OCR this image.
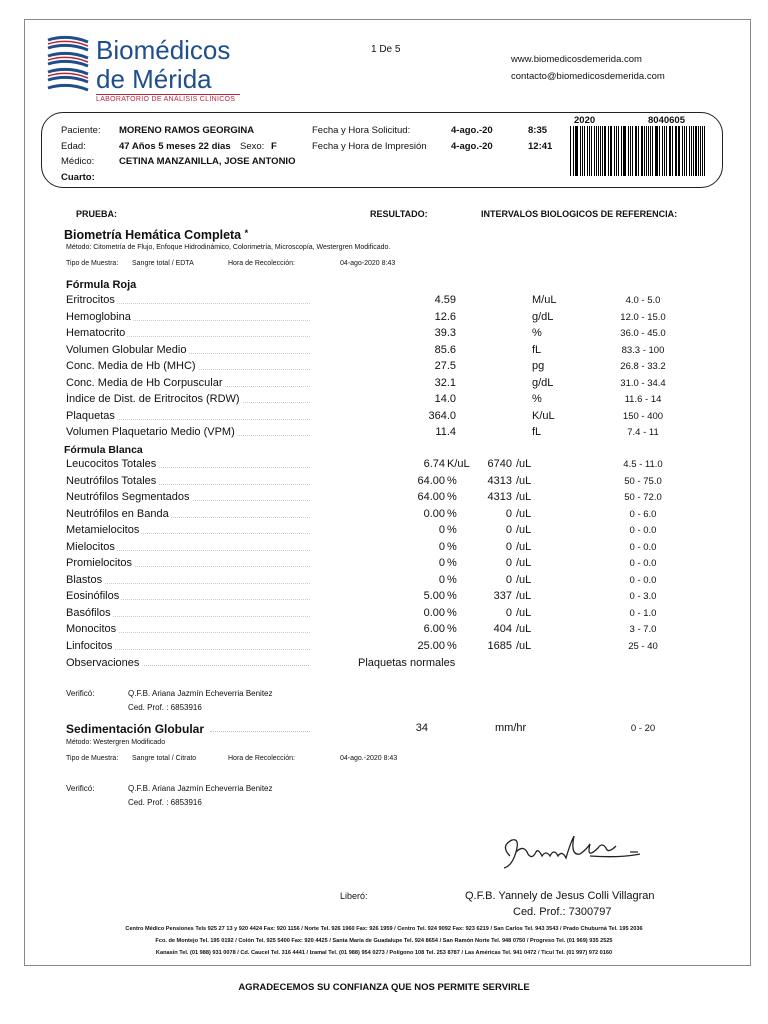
Biomédicos
de Mérida
LABORATORIO DE ANÁLISIS CLÍNICOS
1 De 5
www.biomedicosdemerida.com
contacto@biomedicosdemerida.com
Paciente: MORENO RAMOS GEORGINA
Edad:	47 Años 5 meses 22 dias Sexo: F
Médico:	CETINA MANZANILLA, JOSE ANTONIO
Cuarto:
Fecha y Hora Solicitud:	4-ago.-20	8:35
Fecha y Hora de Impresión	4-ago.-20	12:41
2020	8040605
PRUEBA:	RESULTADO:	INTERVALOS BIOLOGICOS DE REFERENCIA:
Biometría Hemática Completa *
Método: Citometría de Flujo, Enfoque Hidrodinámico, Colorimetría, Microscopía, Westergren Modificado.
Tipo de Muestra: Sangre total / EDTA	Hora de Recolección:	04-ago-2020 8:43
Fórmula Roja
Eritrocitos	4.59	M/uL	4.0 - 5.0
Hemoglobina	12.6	g/dL	12.0 - 15.0
Hematocrito	39.3	%	36.0 - 45.0
Volumen Globular Medio	85.6	fL	83.3 - 100
Conc. Media de Hb (MHC)	27.5	pg	26.8 - 33.2
Conc. Media de Hb Corpuscular	32.1	g/dL	31.0 - 34.4
Índice de Dist. de Eritrocitos (RDW)	14.0	%	11.6 - 14
Plaquetas	364.0	K/uL	150 - 400
Volumen Plaquetario Medio (VPM)	11.4	fL	7.4 - 11
Fórmula Blanca
Leucocitos Totales	6.74 K/uL	6740 /uL	4.5 - 11.0
Neutrófilos Totales	64.00 %	4313 /uL	50 - 75.0
Neutrófilos Segmentados	64.00 %	4313 /uL	50 - 72.0
Neutrófilos en Banda	0.00 %	0 /uL	0 - 6.0
Metamielocitos	0 %	0 /uL	0 - 0.0
Mielocitos	0 %	0 /uL	0 - 0.0
Promielocitos	0 %	0 /uL	0 - 0.0
Blastos	0 %	0 /uL	0 - 0.0
Eosinófilos	5.00 %	337 /uL	0 - 3.0
Basófilos	0.00 %	0 /uL	0 - 1.0
Monocitos	6.00 %	404 /uL	3 - 7.0
Linfocitos	25.00 %	1685 /uL	25 - 40
Observaciones	Plaquetas normales
Verificó:	Q.F.B. Ariana Jazmín Echeverria Benitez
Ced. Prof. : 6853916
Sedimentación Globular	34	mm/hr	0 - 20
Método: Westergren Modificado
Tipo de Muestra: Sangre total / Citrato	Hora de Recolección:	04-ago.-2020 8:43
Verificó:	Q.F.B. Ariana Jazmín Echeverria Benitez
Ced. Prof. : 6853916
Liberó:	Q.F.B. Yannely de Jesus Colli Villagran
Ced. Prof.: 7300797
Centro Médico Pensiones Tels 925 27 13 y 920 4424 Fax: 920 1156 / Norte Tel. 926 1960 Fax: 926 1959 / Centro Tel. 924 9092 Fax: 923 6219 / San Carlos Tel. 943 3543 / Prado Chuburná Tel. 195 2036
Fco. de Montejo Tel. 195 0192 / Colón Tel. 925 5400 Fax: 920 4425 / Santa María de Guadalupe Tel. 924 8654 / San Ramón Norte Tel. 948 0750 / Progreso Tel. (01 969) 935 2525
Kanasín Tel. (01 988) 931 0078 / Cd. Caucel Tel. 316 4441 / Izamal Tel. (01 988) 954 0273 / Polígono 108 Tel. 253 8787 / Las Américas Tel. 941 0472 / Ticul Tel. (01 997) 972 0160
AGRADECEMOS SU CONFIANZA QUE NOS PERMITE SERVIRLE
